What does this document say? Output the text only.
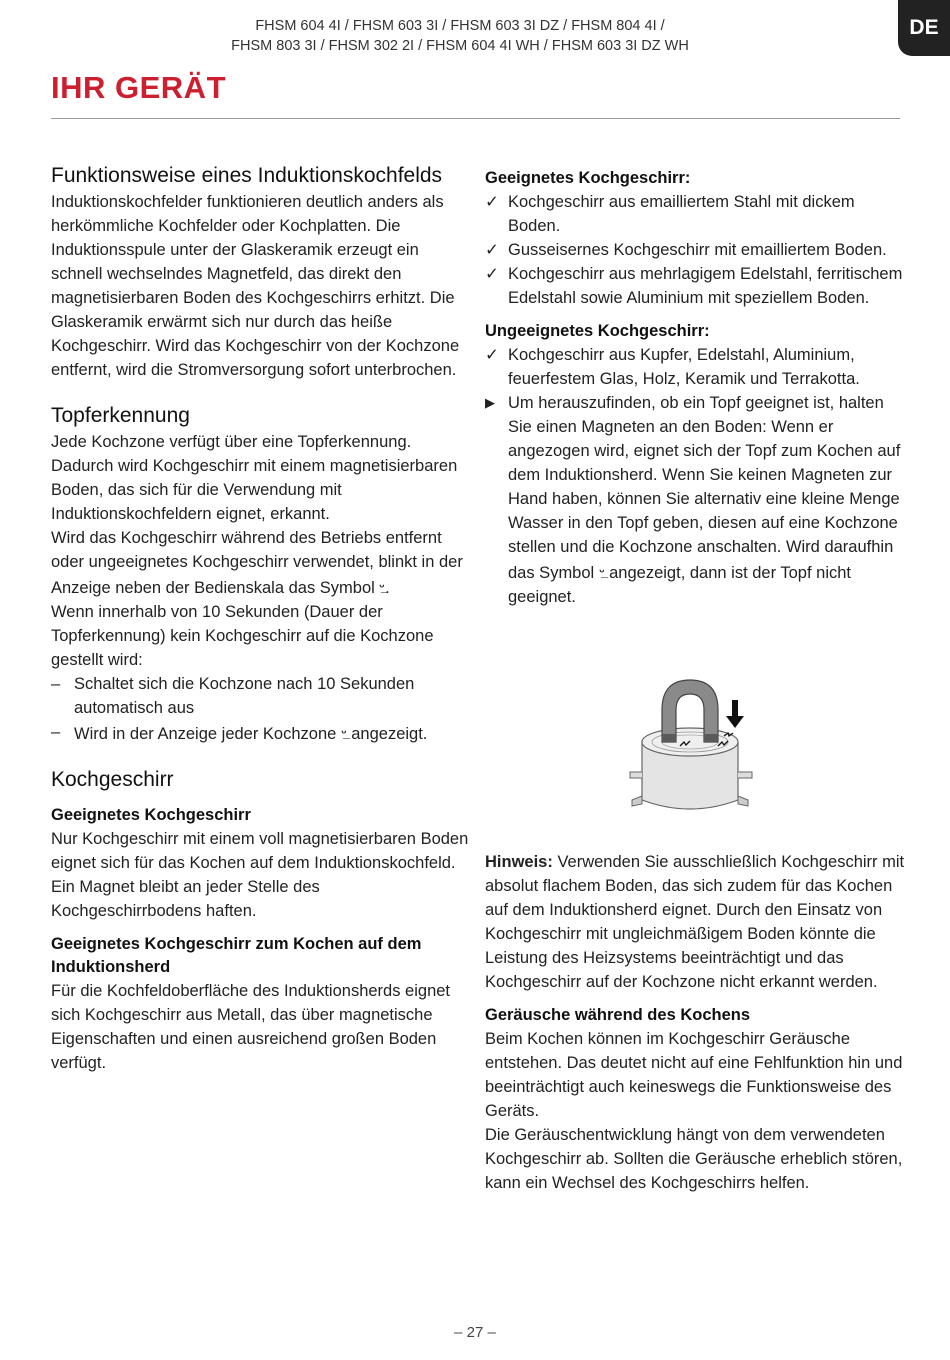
FHSM 604 4I / FHSM 603 3I / FHSM 603 3I DZ / FHSM 804 4I /
FHSM 803 3I / FHSM 302 2I / FHSM 604 4I WH / FHSM 603 3I DZ WH
DE
IHR GERÄT
Funktionsweise eines Induktionskochfelds

Induktionskochfelder funktionieren deutlich anders als herkömmliche Kochfelder oder Kochplatten. Die Induktionsspule unter der Glaskeramik erzeugt ein schnell wechselndes Magnetfeld, das direkt den magnetisierbaren Boden des Kochgeschirrs erhitzt. Die Glaskeramik erwärmt sich nur durch das heiße Kochgeschirr. Wird das Kochgeschirr von der Kochzone entfernt, wird die Stromversorgung sofort unterbrochen.

Topferkennung

Jede Kochzone verfügt über eine Topferkennung. Dadurch wird Kochgeschirr mit einem magnetisierbaren Boden, das sich für die Verwendung mit Induktionskochfeldern eignet, erkannt.

Wird das Kochgeschirr während des Betriebs entfernt oder ungeeignetes Kochgeschirr verwendet, blinkt in der Anzeige neben der Bedienskala das Symbol ᵕ̲.

Wenn innerhalb von 10 Sekunden (Dauer der Topferkennung) kein Kochgeschirr auf die Kochzone gestellt wird:

– Schaltet sich die Kochzone nach 10 Sekunden automatisch aus
– Wird in der Anzeige jeder Kochzone ᵕ̲ angezeigt.
Kochgeschirr
Geeignetes Kochgeschirr

Nur Kochgeschirr mit einem voll magnetisierbaren Boden eignet sich für das Kochen auf dem Induktionskochfeld. Ein Magnet bleibt an jeder Stelle des Kochgeschirrbodens haften.

Geeignetes Kochgeschirr zum Kochen auf dem Induktionsherd

Für die Kochfeldoberfläche des Induktionsherds eignet sich Kochgeschirr aus Metall, das über magnetische Eigenschaften und einen ausreichend großen Boden verfügt.

Geeignetes Kochgeschirr:
✓ Kochgeschirr aus emailliertem Stahl mit dickem Boden.
✓ Gusseisernes Kochgeschirr mit emailliertem Boden.
✓ Kochgeschirr aus mehrlagigem Edelstahl, ferritischem Edelstahl sowie Aluminium mit speziellem Boden.
Ungeeignetes Kochgeschirr:
✓ Kochgeschirr aus Kupfer, Edelstahl, Aluminium, feuerfestem Glas, Holz, Keramik und Terrakotta.
▶ Um herauszufinden, ob ein Topf geeignet ist, halten Sie einen Magneten an den Boden: Wenn er angezogen wird, eignet sich der Topf zum Kochen auf dem Induktionsherd. Wenn Sie keinen Magneten zur Hand haben, können Sie alternativ eine kleine Menge Wasser in den Topf geben, diesen auf eine Kochzone stellen und die Kochzone anschalten. Wird daraufhin das Symbol ᵕ̲ angezeigt, dann ist der Topf nicht geeignet.

Hinweis: Verwenden Sie ausschließlich Kochgeschirr mit absolut flachem Boden, das sich zudem für das Kochen auf dem Induktionsherd eignet. Durch den Einsatz von Kochgeschirr mit ungleichmäßigem Boden könnte die Leistung des Heizsystems beeinträchtigt und das Kochgeschirr auf der Kochzone nicht erkannt werden.

Geräusche während des Kochens

Beim Kochen können im Kochgeschirr Geräusche entstehen. Das deutet nicht auf eine Fehlfunktion hin und beeinträchtigt auch keineswegs die Funktionsweise des Geräts.

Die Geräuschentwicklung hängt von dem verwendeten Kochgeschirr ab. Sollten die Geräusche erheblich stören, kann ein Wechsel des Kochgeschirrs helfen.

– 27 –
